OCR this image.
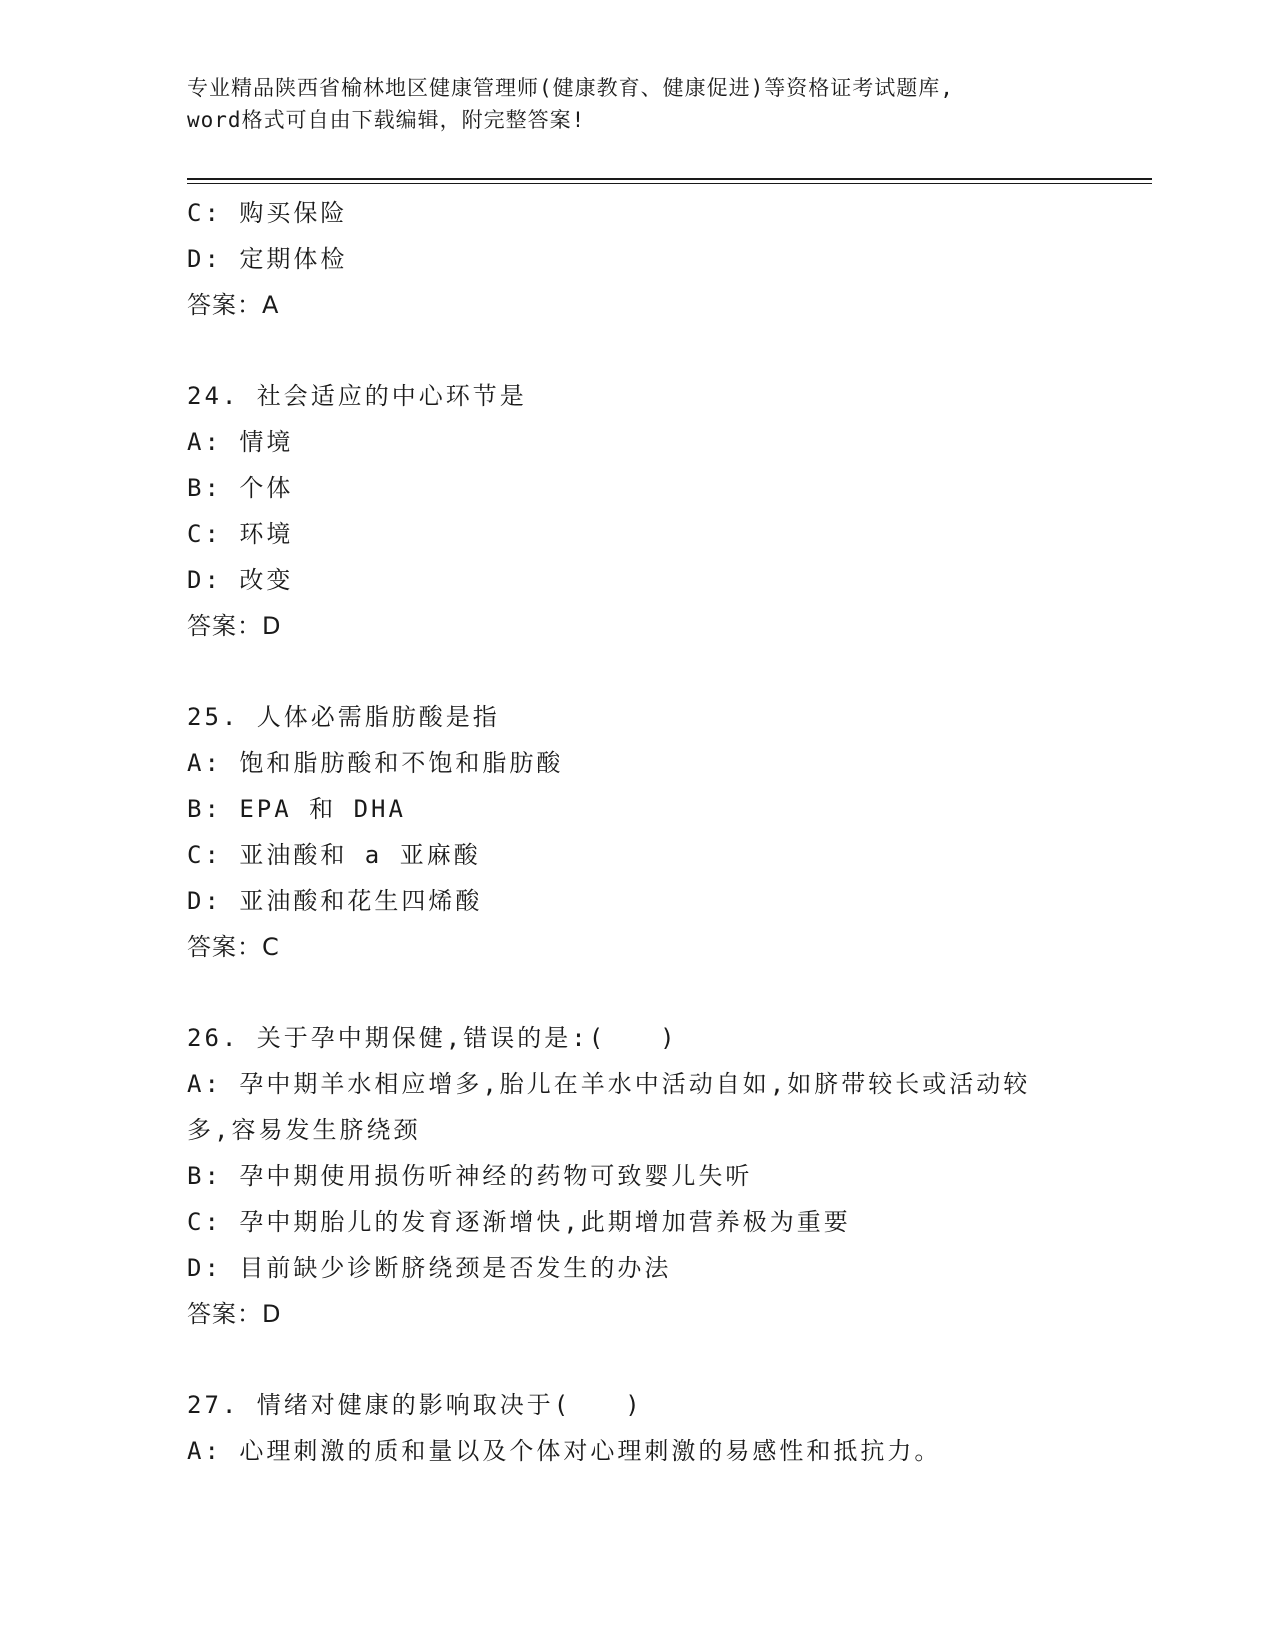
专业精品陕西省榆林地区健康管理师(健康教育、健康促进)等资格证考试题库,
word格式可自由下载编辑，附完整答案!
C: 购买保险
D: 定期体检
答案：A
24. 社会适应的中心环节是
A: 情境
B: 个体
C: 环境
D: 改变
答案：D
25. 人体必需脂肪酸是指
A: 饱和脂肪酸和不饱和脂肪酸
B: EPA 和 DHA
C: 亚油酸和 a 亚麻酸
D: 亚油酸和花生四烯酸
答案：C
26. 关于孕中期保健,错误的是:(　　)
A: 孕中期羊水相应增多,胎儿在羊水中活动自如,如脐带较长或活动较
多,容易发生脐绕颈
B: 孕中期使用损伤听神经的药物可致婴儿失听
C: 孕中期胎儿的发育逐渐增快,此期增加营养极为重要
D: 目前缺少诊断脐绕颈是否发生的办法
答案：D
27. 情绪对健康的影响取决于(　　)
A: 心理刺激的质和量以及个体对心理刺激的易感性和抵抗力。
